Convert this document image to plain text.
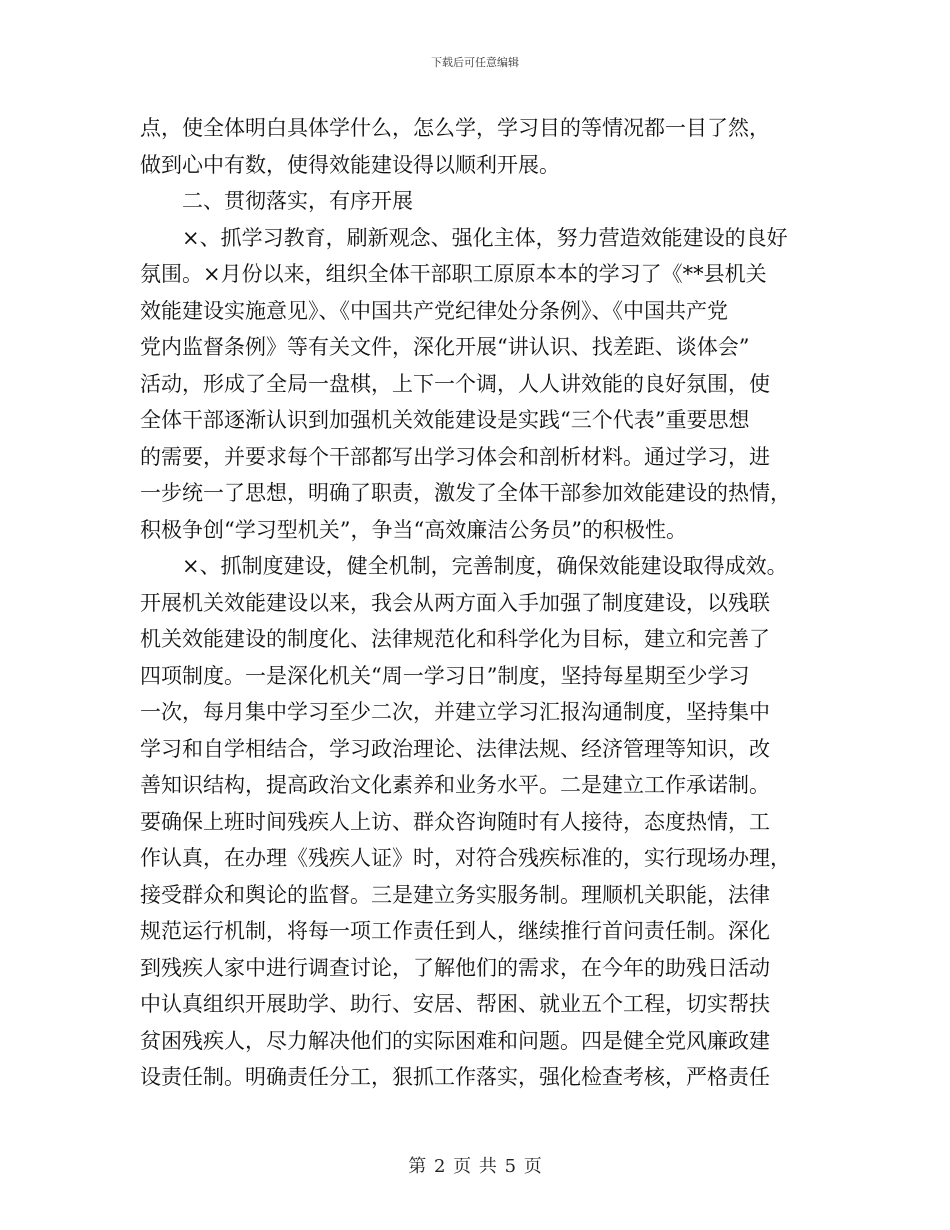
下载后可任意编辑
点，使全体明白具体学什么，怎么学，学习目的等情况都一目了然，
做到心中有数，使得效能建设得以顺利开展。
　　二、贯彻落实，有序开展
　　×、抓学习教育，刷新观念、强化主体，努力营造效能建设的良好
氛围。×月份以来，组织全体干部职工原原本本的学习了《**县机关
效能建设实施意见》、《中国共产党纪律处分条例》、《中国共产党
党内监督条例》等有关文件，深化开展“讲认识、找差距、谈体会”
活动，形成了全局一盘棋，上下一个调，人人讲效能的良好氛围，使
全体干部逐渐认识到加强机关效能建设是实践“三个代表”重要思想
的需要，并要求每个干部都写出学习体会和剖析材料。通过学习，进
一步统一了思想，明确了职责，激发了全体干部参加效能建设的热情，
积极争创“学习型机关”，争当“高效廉洁公务员”的积极性。
　　×、抓制度建设，健全机制，完善制度，确保效能建设取得成效。
开展机关效能建设以来，我会从两方面入手加强了制度建设，以残联
机关效能建设的制度化、法律规范化和科学化为目标，建立和完善了
四项制度。一是深化机关“周一学习日”制度，坚持每星期至少学习
一次，每月集中学习至少二次，并建立学习汇报沟通制度，坚持集中
学习和自学相结合，学习政治理论、法律法规、经济管理等知识，改
善知识结构，提高政治文化素养和业务水平。二是建立工作承诺制。
要确保上班时间残疾人上访、群众咨询随时有人接待，态度热情，工
作认真，在办理《残疾人证》时，对符合残疾标准的，实行现场办理，
接受群众和舆论的监督。三是建立务实服务制。理顺机关职能，法律
规范运行机制，将每一项工作责任到人，继续推行首问责任制。深化
到残疾人家中进行调查讨论，了解他们的需求，在今年的助残日活动
中认真组织开展助学、助行、安居、帮困、就业五个工程，切实帮扶
贫困残疾人，尽力解决他们的实际困难和问题。四是健全党风廉政建
设责任制。明确责任分工，狠抓工作落实，强化检查考核，严格责任
第 2 页 共 5 页
